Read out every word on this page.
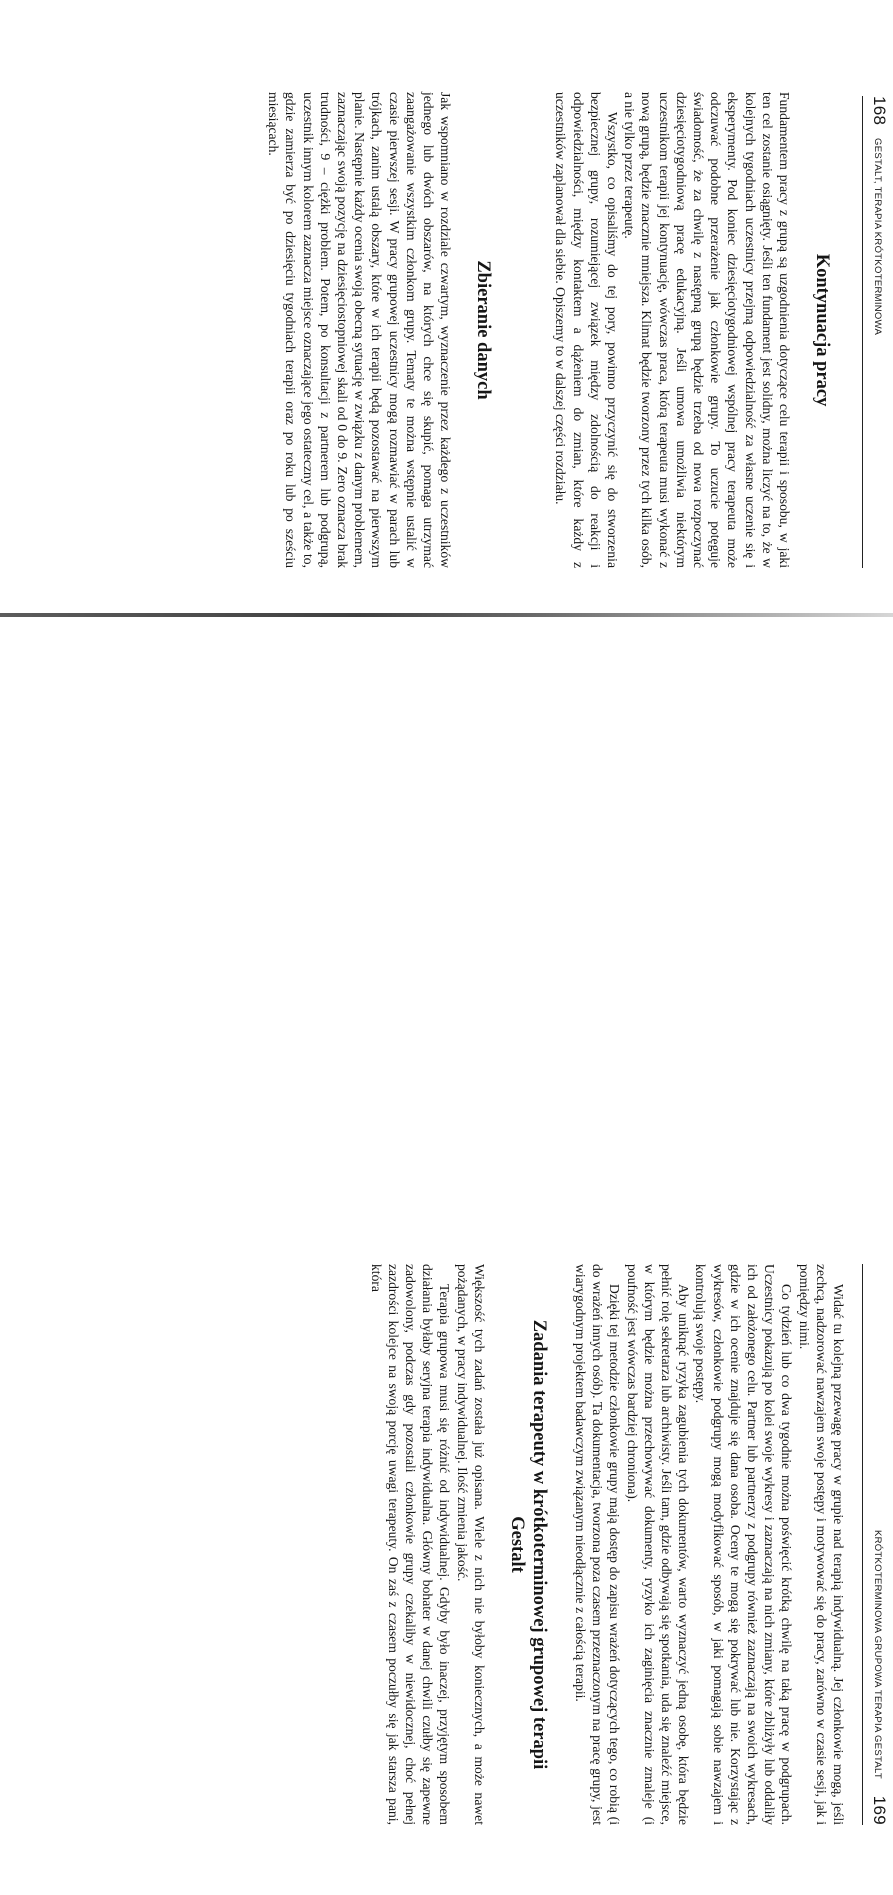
168
GESTALT, TERAPIA KRÓTKOTERMINOWA
Kontynuacja pracy

Fundamentem pracy z grupą są uzgodnienia dotyczące celu terapii i sposobu, w jaki ten cel zostanie osiągnięty. Jeśli ten fundament jest solidny, można liczyć na to, że w kolejnych tygodniach uczestnicy przejmą odpowiedzialność za własne uczenie się i eksperymenty. Pod koniec dziesięciotygodniowej wspólnej pracy terapeuta może odczuwać podobne przerażenie jak członkowie grupy. To uczucie potęguje świadomość, że za chwilę z następną grupą będzie trzeba od nowa rozpoczynać dziesięciotygodniową pracę edukacyjną. Jeśli umowa umożliwia niektórym uczestnikom terapii jej kontynuację, wówczas praca, którą terapeuta musi wykonać z nową grupą, będzie znacznie mniejsza. Klimat będzie tworzony przez tych kilka osób, a nie tylko przez terapeutę.

Wszystko, co opisaliśmy do tej pory, powinno przyczynić się do stworzenia bezpiecznej grupy, rozumiejącej związek między zdolnością do reakcji i odpowiedzialności, między kontaktem a dążeniem do zmian, które każdy z uczestników zaplanował dla siebie. Opiszemy to w dalszej części rozdziału.

Zbieranie danych

Jak wspomniano w rozdziale czwartym, wyznaczenie przez każdego z uczestników jednego lub dwóch obszarów, na których chce się skupić, pomaga utrzymać zaangażowanie wszystkim członkom grupy. Tematy te można wstępnie ustalić w czasie pierwszej sesji. W pracy grupowej uczestnicy mogą rozmawiać w parach lub trójkach, zanim ustalą obszary, które w ich terapii będą pozostawać na pierwszym planie. Następnie każdy ocenia swoją obecną sytuację w związku z danym problemem, zaznaczając swoją pozycję na dziesięciostopniowej skali od 0 do 9. Zero oznacza brak trudności, 9 – ciężki problem. Potem, po konsultacji z partnerem lub podgrupą, uczestnik innym kolorem zaznacza miejsce oznaczające jego ostateczny cel, a także to, gdzie zamierza być po dziesięciu tygodniach terapii oraz po roku lub po sześciu miesiącach.

KRÓTKOTERMINOWA GRUPOWA TERAPIA GESTALT
169

Widać tu kolejną przewagę pracy w grupie nad terapią indywidualną. Jej członkowie mogą, jeśli zechcą, nadzorować nawzajem swoje postępy i motywować się do pracy, zarówno w czasie sesji, jak i pomiędzy nimi.

Co tydzień lub co dwa tygodnie można poświęcić krótką chwilę na taką pracę w podgrupach. Uczestnicy pokazują po kolei swoje wykresy i zaznaczają na nich zmiany, które zbliżyły lub oddaliły ich od założonego celu. Partner lub partnerzy z podgrupy również zaznaczają na swoich wykresach, gdzie w ich ocenie znajduje się dana osoba. Oceny te mogą się pokrywać lub nie. Korzystając z wykresów, członkowie podgrupy mogą modyfikować sposób, w jaki pomagają sobie nawzajem i kontrolują swoje postępy.

Aby uniknąć ryzyka zagubienia tych dokumentów, warto wyznaczyć jedną osobę, która będzie pełnić rolę sekretarza lub archiwisty. Jeśli tam, gdzie odbywają się spotkania, uda się znaleźć miejsce, w którym będzie można przechowywać dokumenty, ryzyko ich zaginięcia znacznie zmaleje (i poufność jest wówczas bardziej chroniona).

Dzięki tej metodzie członkowie grupy mają dostęp do zapisu wrażeń dotyczących tego, co robią (i do wrażeń innych osób). Ta dokumentacja, tworzona poza czasem przeznaczonym na pracę grupy, jest wiarygodnym projektem badawczym związanym nieodłącznie z całością terapii.

Zadania terapeuty w krótkoterminowej grupowej terapii Gestalt

Większość tych zadań została już opisana. Wiele z nich nie byłoby koniecznych, a może nawet pożądanych, w pracy indywidualnej. Ilość zmienia jakość.

Terapia grupowa musi się różnić od indywidualnej. Gdyby było inaczej, przyjętym sposobem działania byłaby seryjna terapia indywidualna. Główny bohater w danej chwili czułby się zapewne zadowolony, podczas gdy pozostali członkowie grupy czekaliby w niewidocznej, choć pełnej zazdrości kolejce na swoją porcję uwagi terapeuty. On zaś z czasem poczułby się jak starsza pani, która
